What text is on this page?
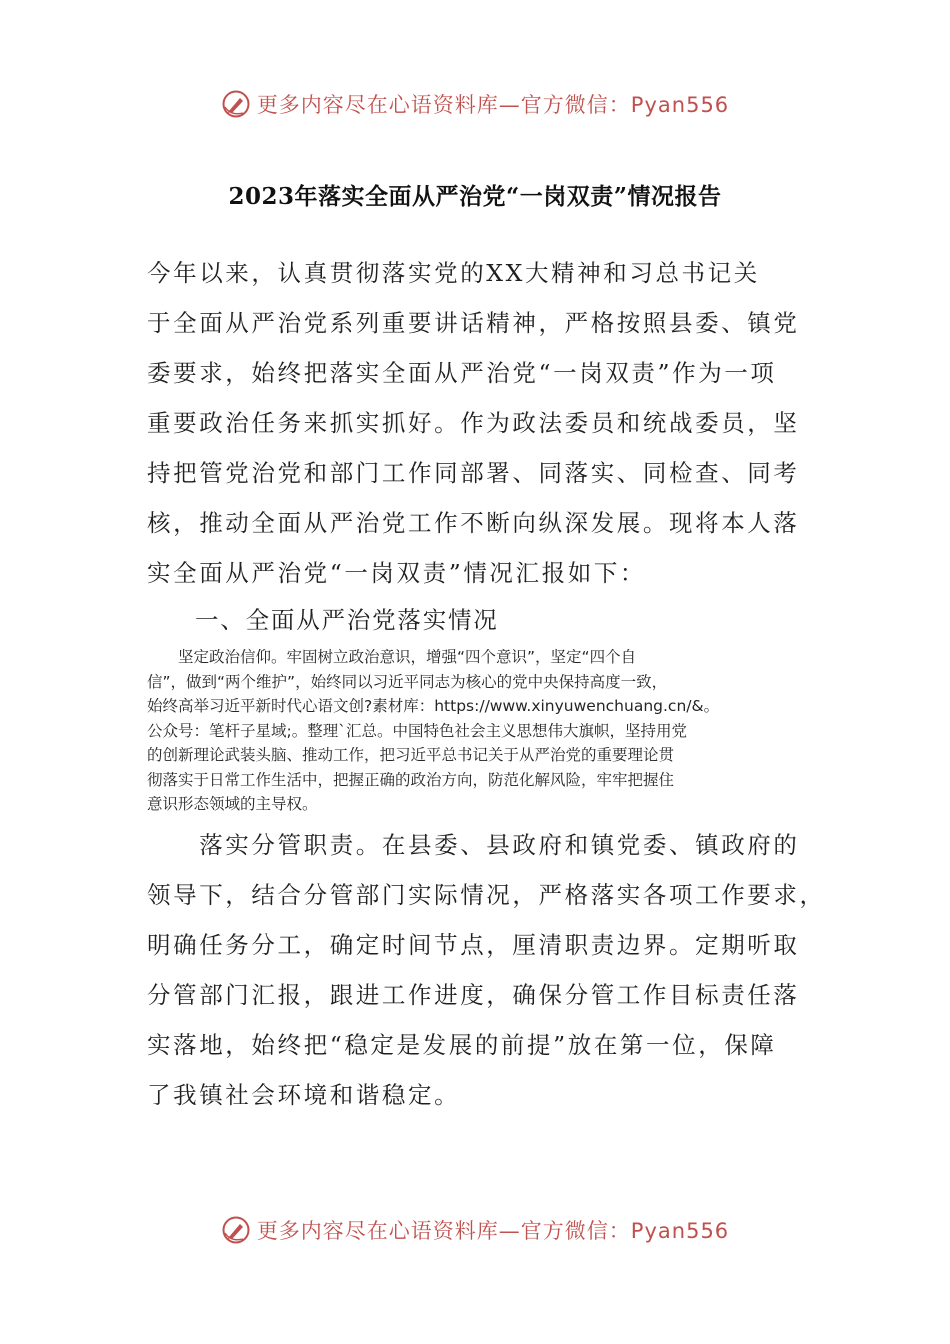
更多内容尽在心语资料库—官方微信：Pyan556
2023年落实全面从严治党“一岗双责”情况报告
今年以来，认真贯彻落实党的XX大精神和习总书记关
于全面从严治党系列重要讲话精神，严格按照县委、镇党
委要求，始终把落实全面从严治党“一岗双责”作为一项
重要政治任务来抓实抓好。作为政法委员和统战委员，坚
持把管党治党和部门工作同部署、同落实、同检查、同考
核，推动全面从严治党工作不断向纵深发展。现将本人落
实全面从严治党“一岗双责”情况汇报如下：
一、全面从严治党落实情况
　　坚定政治信仰。牢固树立政治意识，增强“四个意识”，坚定“四个自
信”，做到“两个维护”，始终同以习近平同志为核心的党中央保持高度一致，
始终高举习近平新时代心语文创?素材库：https://www.xinyuwenchuang.cn/&。
公众号：笔杆子星域;。整理`汇总。中国特色社会主义思想伟大旗帜，坚持用党
的创新理论武装头脑、推动工作，把习近平总书记关于从严治党的重要理论贯
彻落实于日常工作生活中，把握正确的政治方向，防范化解风险，牢牢把握住
意识形态领域的主导权。
　　落实分管职责。在县委、县政府和镇党委、镇政府的
领导下，结合分管部门实际情况，严格落实各项工作要求，
明确任务分工，确定时间节点，厘清职责边界。定期听取
分管部门汇报，跟进工作进度，确保分管工作目标责任落
实落地，始终把“稳定是发展的前提”放在第一位，保障
了我镇社会环境和谐稳定。
更多内容尽在心语资料库—官方微信：Pyan556
